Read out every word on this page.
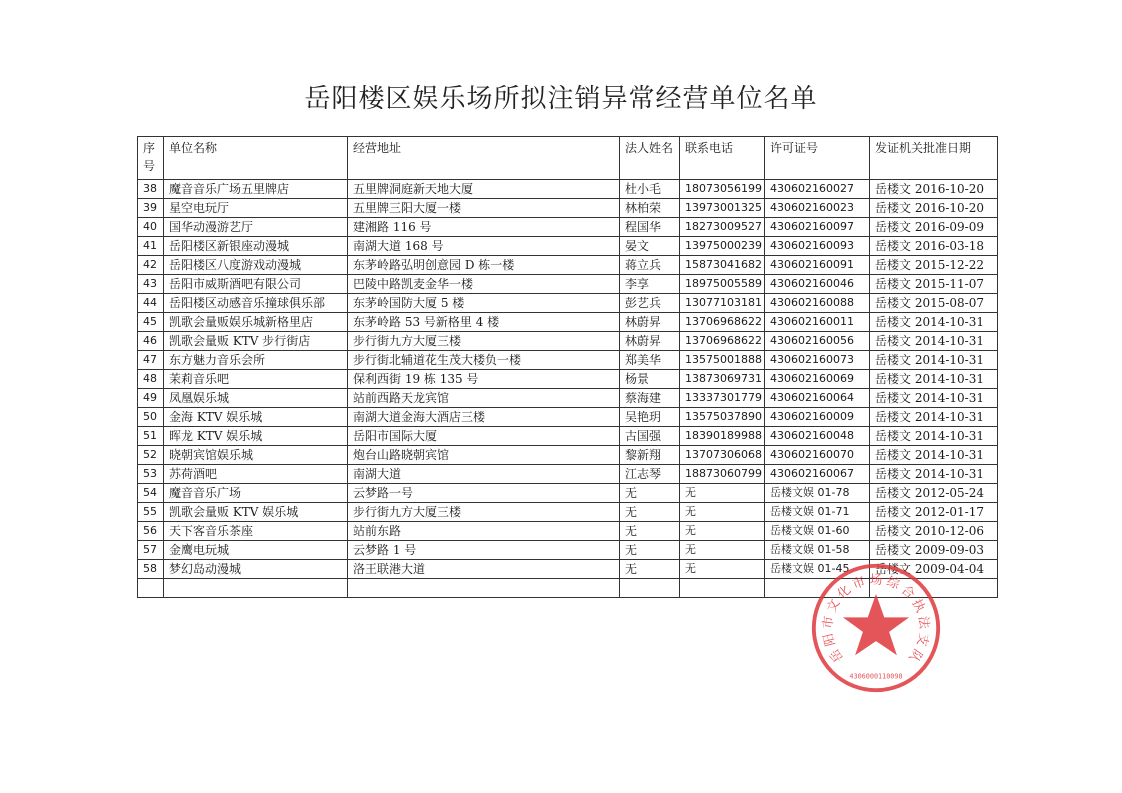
岳阳楼区娱乐场所拟注销异常经营单位名单
序号	单位名称	经营地址	法人姓名	联系电话	许可证号	发证机关批准日期
38	魔音音乐广场五里牌店	五里牌洞庭新天地大厦	杜小毛	18073056199	430602160027	岳楼文 2016-10-20
39	星空电玩厅	五里牌三阳大厦一楼	林柏荣	13973001325	430602160023	岳楼文 2016-10-20
40	国华动漫游艺厅	建湘路 116 号	程国华	18273009527	430602160097	岳楼文 2016-09-09
41	岳阳楼区新银座动漫城	南湖大道 168 号	晏文	13975000239	430602160093	岳楼文 2016-03-18
42	岳阳楼区八度游戏动漫城	东茅岭路弘明创意园 D 栋一楼	蒋立兵	15873041682	430602160091	岳楼文 2015-12-22
43	岳阳市威斯酒吧有限公司	巴陵中路凯麦金华一楼	李享	18975005589	430602160046	岳楼文 2015-11-07
44	岳阳楼区动感音乐撞球俱乐部	东茅岭国防大厦 5 楼	彭艺兵	13077103181	430602160088	岳楼文 2015-08-07
45	凯歌会量贩娱乐城新格里店	东茅岭路 53 号新格里 4 楼	林蔚昇	13706968622	430602160011	岳楼文 2014-10-31
46	凯歌会量贩 KTV 步行街店	步行街九方大厦三楼	林蔚昇	13706968622	430602160056	岳楼文 2014-10-31
47	东方魅力音乐会所	步行街北辅道花生茂大楼负一楼	郑美华	13575001888	430602160073	岳楼文 2014-10-31
48	茉莉音乐吧	保利西街 19 栋 135 号	杨景	13873069731	430602160069	岳楼文 2014-10-31
49	凤凰娱乐城	站前西路天龙宾馆	蔡海建	13337301779	430602160064	岳楼文 2014-10-31
50	金海 KTV 娱乐城	南湖大道金海大酒店三楼	吴艳玥	13575037890	430602160009	岳楼文 2014-10-31
51	晖龙 KTV 娱乐城	岳阳市国际大厦	古国强	18390189988	430602160048	岳楼文 2014-10-31
52	晓朝宾馆娱乐城	炮台山路晓朝宾馆	黎新翔	13707306068	430602160070	岳楼文 2014-10-31
53	苏荷酒吧	南湖大道	江志琴	18873060799	430602160067	岳楼文 2014-10-31
54	魔音音乐广场	云梦路一号	无	无	岳楼文娱 01-78	岳楼文 2012-05-24
55	凯歌会量贩 KTV 娱乐城	步行街九方大厦三楼	无	无	岳楼文娱 01-71	岳楼文 2012-01-17
56	天下客音乐茶座	站前东路	无	无	岳楼文娱 01-60	岳楼文 2010-12-06
57	金鹰电玩城	云梦路 1 号	无	无	岳楼文娱 01-58	岳楼文 2009-09-03
58	梦幻岛动漫城	洛王联港大道	无	无	岳楼文娱 01-45	岳楼文 2009-04-04

岳
阳
市
文
化
市 场 综
合
执
法
支
队
4306000110098
